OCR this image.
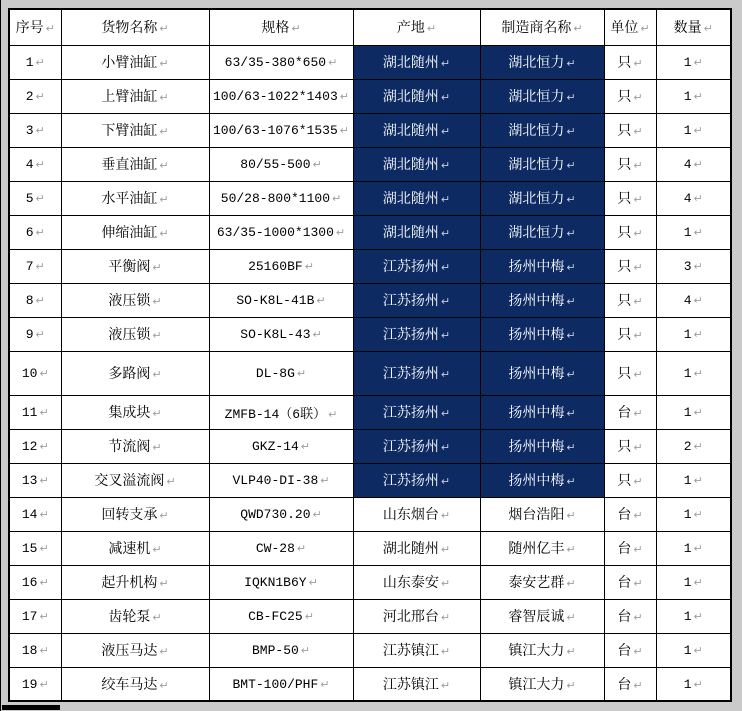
序号 ↵	货物名称 ↵	规格 ↵	产地 ↵	制造商名称 ↵	单位 ↵	数量 ↵
1 ↵	小臂油缸 ↵	63/35-380*650 ↵	湖北随州 ↵	湖北恒力 ↵	只 ↵	1 ↵
2 ↵	上臂油缸 ↵	100/63-1022*1403 ↵	湖北随州 ↵	湖北恒力 ↵	只 ↵	1 ↵
3 ↵	下臂油缸 ↵	100/63-1076*1535 ↵	湖北随州 ↵	湖北恒力 ↵	只 ↵	1 ↵
4 ↵	垂直油缸 ↵	80/55-500 ↵	湖北随州 ↵	湖北恒力 ↵	只 ↵	4 ↵
5 ↵	水平油缸 ↵	50/28-800*1100 ↵	湖北随州 ↵	湖北恒力 ↵	只 ↵	4 ↵
6 ↵	伸缩油缸 ↵	63/35-1000*1300 ↵	湖北随州 ↵	湖北恒力 ↵	只 ↵	1 ↵
7 ↵	平衡阀 ↵	25160BF ↵	江苏扬州 ↵	扬州中梅 ↵	只 ↵	3 ↵
8 ↵	液压锁 ↵	SO-K8L-41B ↵	江苏扬州 ↵	扬州中梅 ↵	只 ↵	4 ↵
9 ↵	液压锁 ↵	SO-K8L-43 ↵	江苏扬州 ↵	扬州中梅 ↵	只 ↵	1 ↵
10 ↵	多路阀 ↵	DL-8G ↵	江苏扬州 ↵	扬州中梅 ↵	只 ↵	1 ↵
11 ↵	集成块 ↵	ZMFB-14（6联） ↵	江苏扬州 ↵	扬州中梅 ↵	台 ↵	1 ↵
12 ↵	节流阀 ↵	GKZ-14 ↵	江苏扬州 ↵	扬州中梅 ↵	只 ↵	2 ↵
13 ↵	交叉溢流阀 ↵	VLP40-DI-38 ↵	江苏扬州 ↵	扬州中梅 ↵	只 ↵	1 ↵
14 ↵	回转支承 ↵	QWD730.20 ↵	山东烟台 ↵	烟台浩阳 ↵	台 ↵	1 ↵
15 ↵	减速机 ↵	CW-28 ↵	湖北随州 ↵	随州亿丰 ↵	台 ↵	1 ↵
16 ↵	起升机构 ↵	IQKN1B6Y ↵	山东泰安 ↵	泰安艺群 ↵	台 ↵	1 ↵
17 ↵	齿轮泵 ↵	CB-FC25 ↵	河北邢台 ↵	睿智辰诚 ↵	台 ↵	1 ↵
18 ↵	液压马达 ↵	BMP-50 ↵	江苏镇江 ↵	镇江大力 ↵	台 ↵	1 ↵
19 ↵	绞车马达 ↵	BMT-100/PHF ↵	江苏镇江 ↵	镇江大力 ↵	台 ↵	1 ↵
